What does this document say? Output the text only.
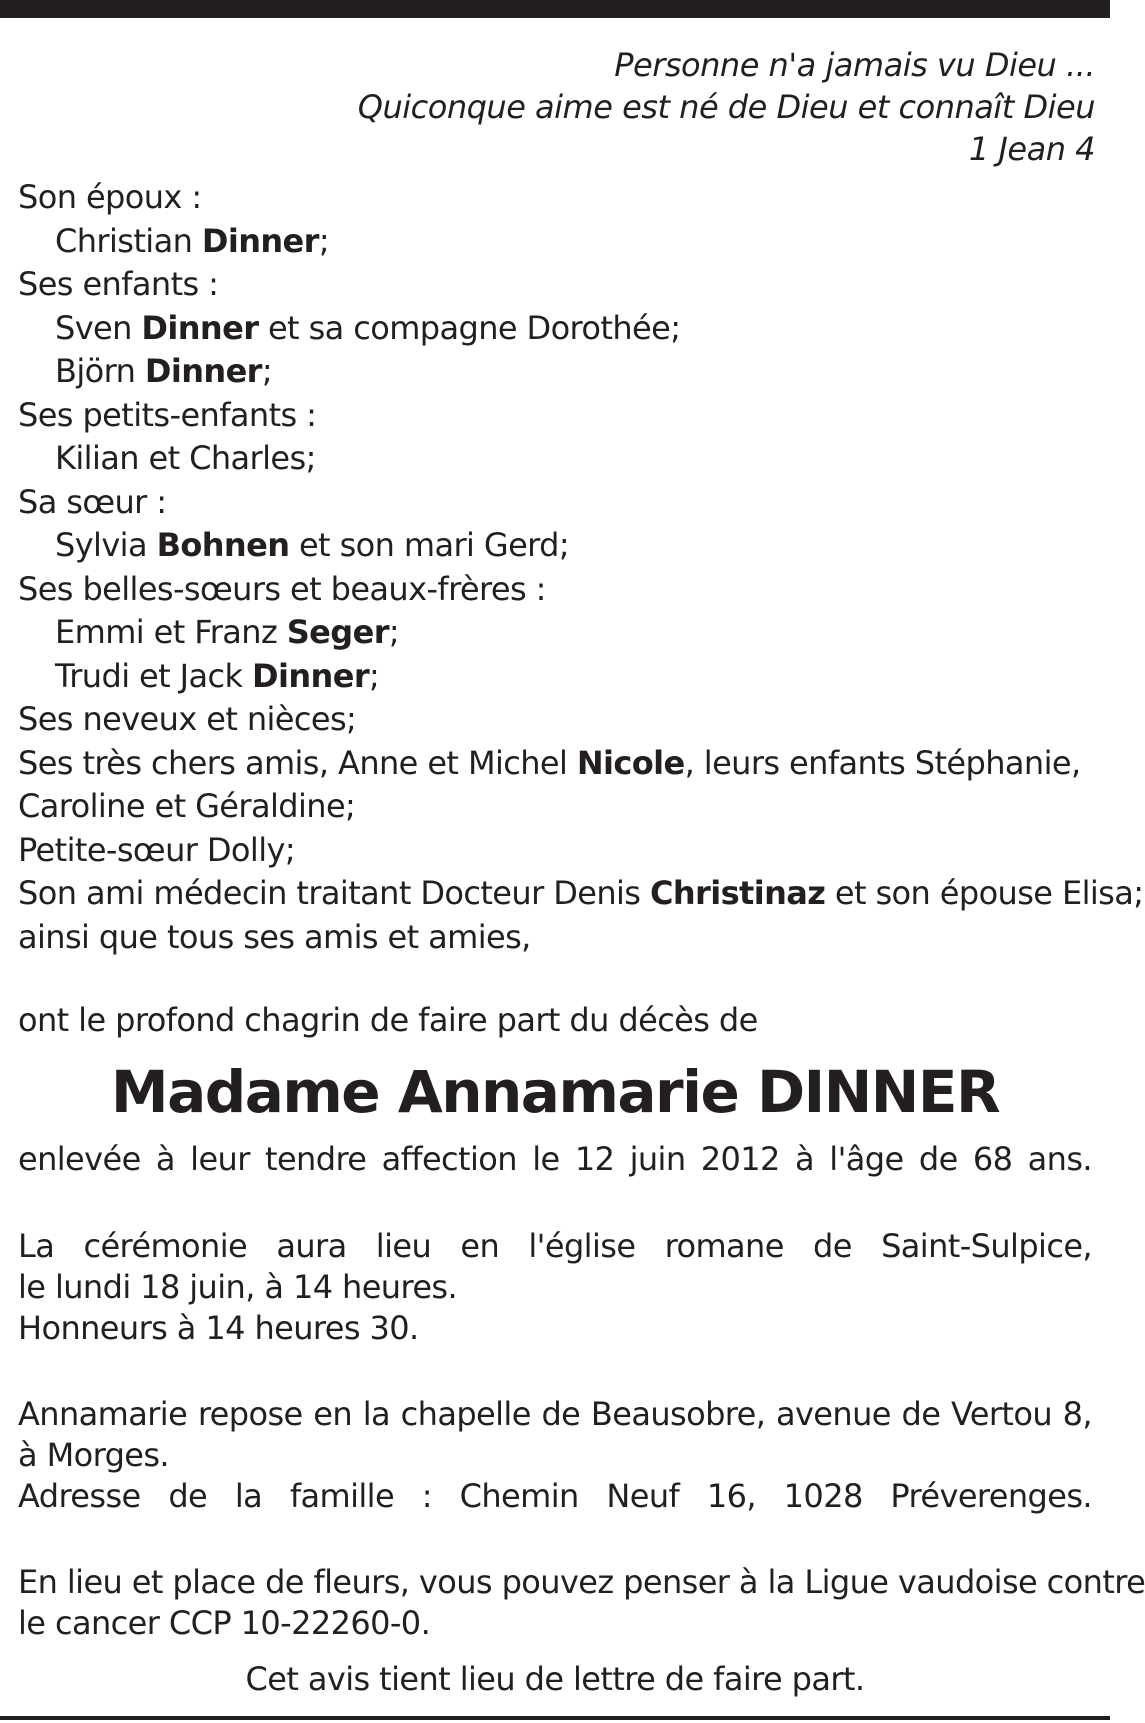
Personne n'a jamais vu Dieu ...
Quiconque aime est né de Dieu et connaît Dieu
1 Jean 4
Son époux :
Christian Dinner;
Ses enfants :
Sven Dinner et sa compagne Dorothée;
Björn Dinner;
Ses petits-enfants :
Kilian et Charles;
Sa sœur :
Sylvia Bohnen et son mari Gerd;
Ses belles-sœurs et beaux-frères :
Emmi et Franz Seger;
Trudi et Jack Dinner;
Ses neveux et nièces;
Ses très chers amis, Anne et Michel Nicole, leurs enfants Stéphanie,
Caroline et Géraldine;
Petite-sœur Dolly;
Son ami médecin traitant Docteur Denis Christinaz et son épouse Elisa;
ainsi que tous ses amis et amies,
ont le profond chagrin de faire part du décès de
Madame Annamarie DINNER
enlevée à leur tendre affection le 12 juin 2012 à l'âge de 68 ans.
La cérémonie aura lieu en l'église romane de Saint-Sulpice,
le lundi 18 juin, à 14 heures.
Honneurs à 14 heures 30.
Annamarie repose en la chapelle de Beausobre, avenue de Vertou 8,
à Morges.
Adresse de la famille : Chemin Neuf 16, 1028 Préverenges.
En lieu et place de fleurs, vous pouvez penser à la Ligue vaudoise contre
le cancer CCP 10-22260-0.
Cet avis tient lieu de lettre de faire part.
